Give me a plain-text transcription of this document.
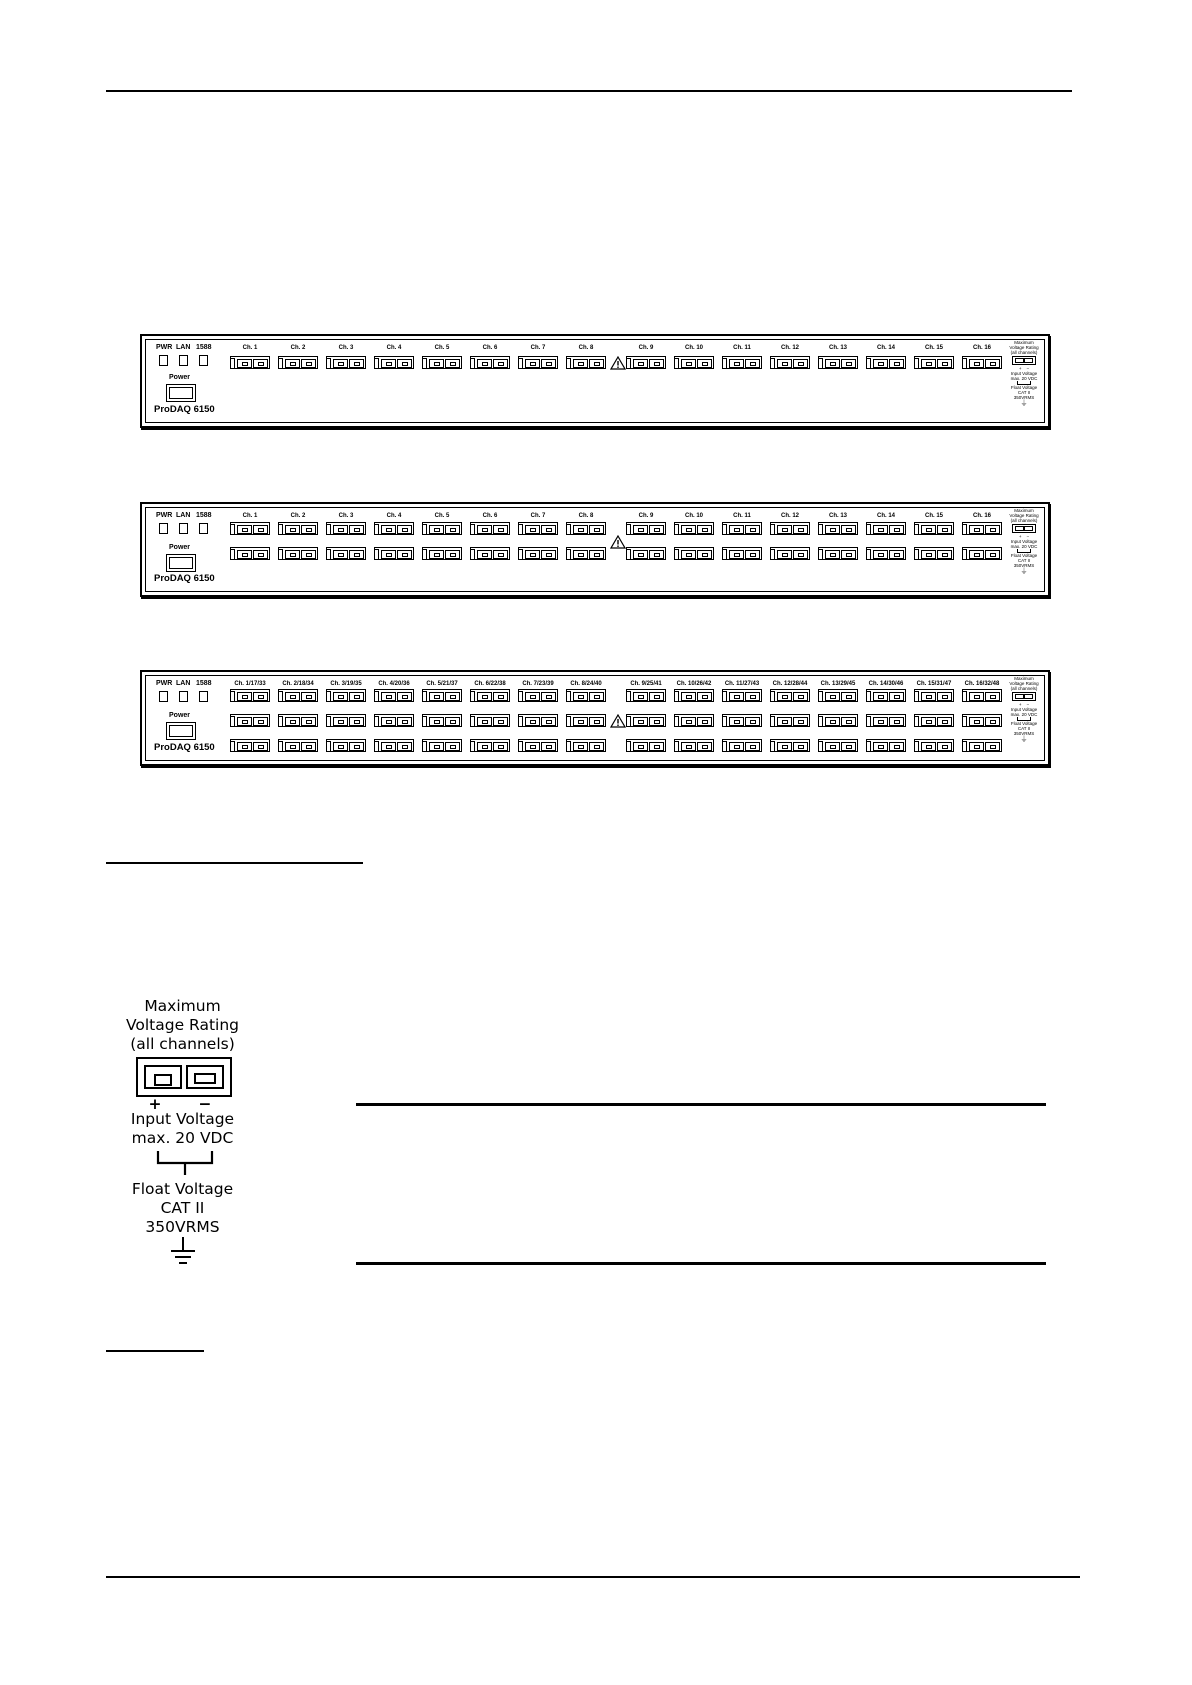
PWR LAN 1588
Power
ProDAQ 6150
Ch. 1	Ch. 2	Ch. 3	Ch. 4	Ch. 5	Ch. 6	Ch. 7	Ch. 8	Ch. 9	Ch. 10	Ch. 11	Ch. 12	Ch. 13	Ch. 14	Ch. 15	Ch. 16
Maximum
Voltage Rating
(all channels)
+    −
Input Voltage
max. 20 VDC
Float Voltage
CAT II
350VRMS
⏚
PWR LAN 1588
Power
ProDAQ 6150
Ch. 1	Ch. 2	Ch. 3	Ch. 4	Ch. 5	Ch. 6	Ch. 7	Ch. 8	Ch. 9	Ch. 10	Ch. 11	Ch. 12	Ch. 13	Ch. 14	Ch. 15	Ch. 16
Maximum
Voltage Rating
(all channels)
+    −
Input Voltage
max. 20 VDC
Float Voltage
CAT II
350VRMS
⏚
PWR LAN 1588
Power
ProDAQ 6150
Ch. 1/17/33	Ch. 2/18/34	Ch. 3/19/35	Ch. 4/20/36	Ch. 5/21/37	Ch. 6/22/38	Ch. 7/23/39	Ch. 8/24/40	Ch. 9/25/41	Ch. 10/26/42	Ch. 11/27/43	Ch. 12/28/44	Ch. 13/29/45	Ch. 14/30/46	Ch. 15/31/47	Ch. 16/32/48
Maximum
Voltage Rating
(all channels)
+    −
Input Voltage
max. 20 VDC
Float Voltage
CAT II
350VRMS
⏚
Maximum
Voltage Rating
(all channels)
+ −
Input Voltage
max. 20 VDC
Float Voltage
CAT II
350VRMS
